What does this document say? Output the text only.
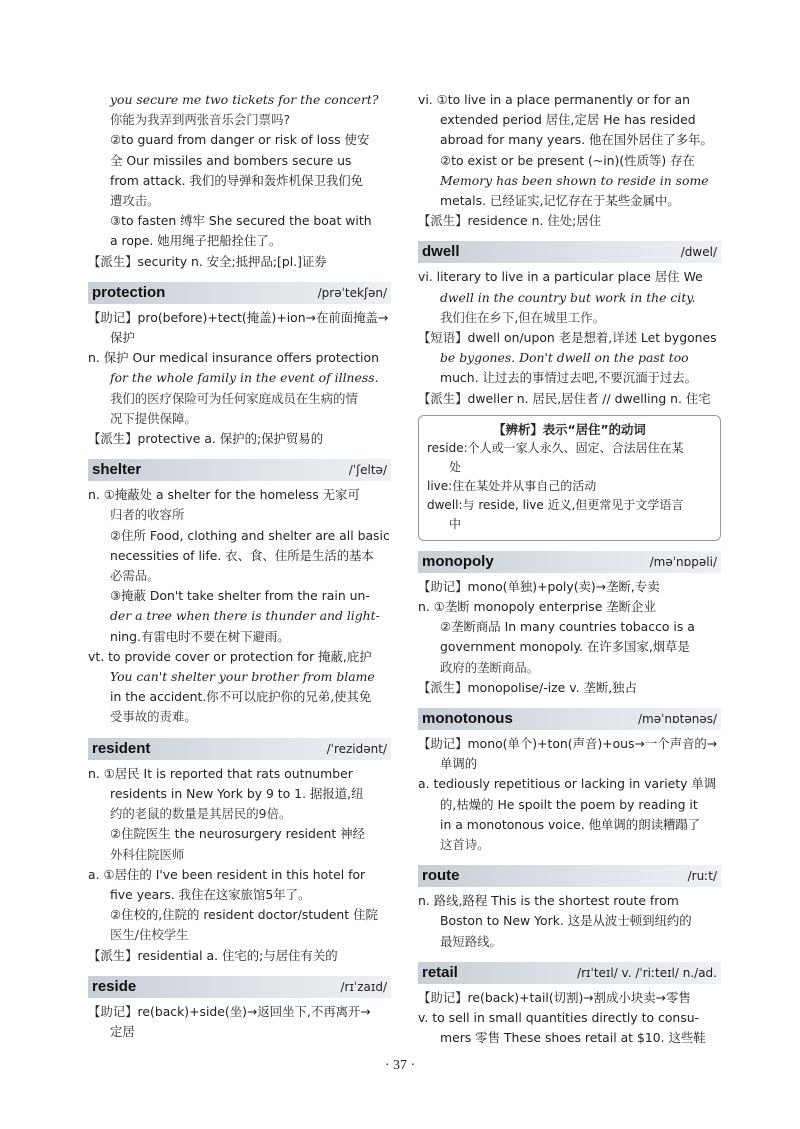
you secure me two tickets for the concert?

你能为我弄到两张音乐会门票吗?

②to guard from danger or risk of loss 使安

全 Our missiles and bombers secure us

from attack. 我们的导弹和轰炸机保卫我们免

遭攻击。

③to fasten 缚牢 She secured the boat with

a rope. 她用绳子把船拴住了。

【派生】security n. 安全;抵押品;[pl.]证券

protection	/prəˈtekʃən/

【助记】pro(before)+tect(掩盖)+ion→在前面掩盖→

保护

n. 保护 Our medical insurance offers protection

for the whole family in the event of illness.

我们的医疗保险可为任何家庭成员在生病的情

况下提供保障。

【派生】protective a. 保护的;保护贸易的

shelter	/ˈʃeltə/

n. ①掩蔽处 a shelter for the homeless 无家可

归者的收容所

②住所 Food, clothing and shelter are all basic

necessities of life. 衣、食、住所是生活的基本

必需品。

③掩蔽 Don't take shelter from the rain un-

der a tree when there is thunder and light-

ning.有雷电时不要在树下避雨。

vt. to provide cover or protection for 掩蔽,庇护

You can't shelter your brother from blame

in the accident.你不可以庇护你的兄弟,使其免

受事故的责难。

resident	/ˈrezidənt/

n. ①居民 It is reported that rats outnumber

residents in New York by 9 to 1. 据报道,纽

约的老鼠的数量是其居民的9倍。

②住院医生 the neurosurgery resident 神经

外科住院医师

a. ①居住的 I've been resident in this hotel for

five years. 我住在这家旅馆5年了。

②住校的,住院的 resident doctor/student 住院

医生/住校学生

【派生】residential a. 住宅的;与居住有关的

reside	/rɪˈzaɪd/

【助记】re(back)+side(坐)→返回坐下,不再离开→

定居

vi. ①to live in a place permanently or for an

extended period 居住,定居 He has resided

abroad for many years. 他在国外居住了多年。

②to exist or be present (~in)(性质等) 存在

Memory has been shown to reside in some

metals. 已经证实,记忆存在于某些金属中。

【派生】residence n. 住处;居住

dwell	/dwel/

vi. literary to live in a particular place 居住 We

dwell in the country but work in the city.

我们住在乡下,但在城里工作。

【短语】dwell on/upon 老是想着,详述 Let bygones

be bygones. Don't dwell on the past too

much. 让过去的事情过去吧,不要沉湎于过去。

【派生】dweller n. 居民,居住者 // dwelling n. 住宅

【辨析】表示“居住”的动词
reside:个人或一家人永久、固定、合法居住在某
处
live:住在某处并从事自己的活动
dwell:与 reside, live 近义,但更常见于文学语言
中
monopoly	/məˈnɒpəli/

【助记】mono(单独)+poly(卖)→垄断,专卖

n. ①垄断 monopoly enterprise 垄断企业

②垄断商品 In many countries tobacco is a

government monopoly. 在许多国家,烟草是

政府的垄断商品。

【派生】monopolise/-ize v. 垄断,独占

monotonous	/məˈnɒtənəs/

【助记】mono(单个)+ton(声音)+ous→一个声音的→

单调的

a. tediously repetitious or lacking in variety 单调

的,枯燥的 He spoilt the poem by reading it

in a monotonous voice. 他单调的朗读糟蹋了

这首诗。

route	/ruːt/

n. 路线,路程 This is the shortest route from

Boston to New York. 这是从波士顿到纽约的

最短路线。

retail	/rɪˈteɪl/ v. /ˈriːteɪl/ n./ad.

【助记】re(back)+tail(切割)→割成小块卖→零售

v. to sell in small quantities directly to consu-

mers 零售 These shoes retail at $10. 这些鞋

· 37 ·
